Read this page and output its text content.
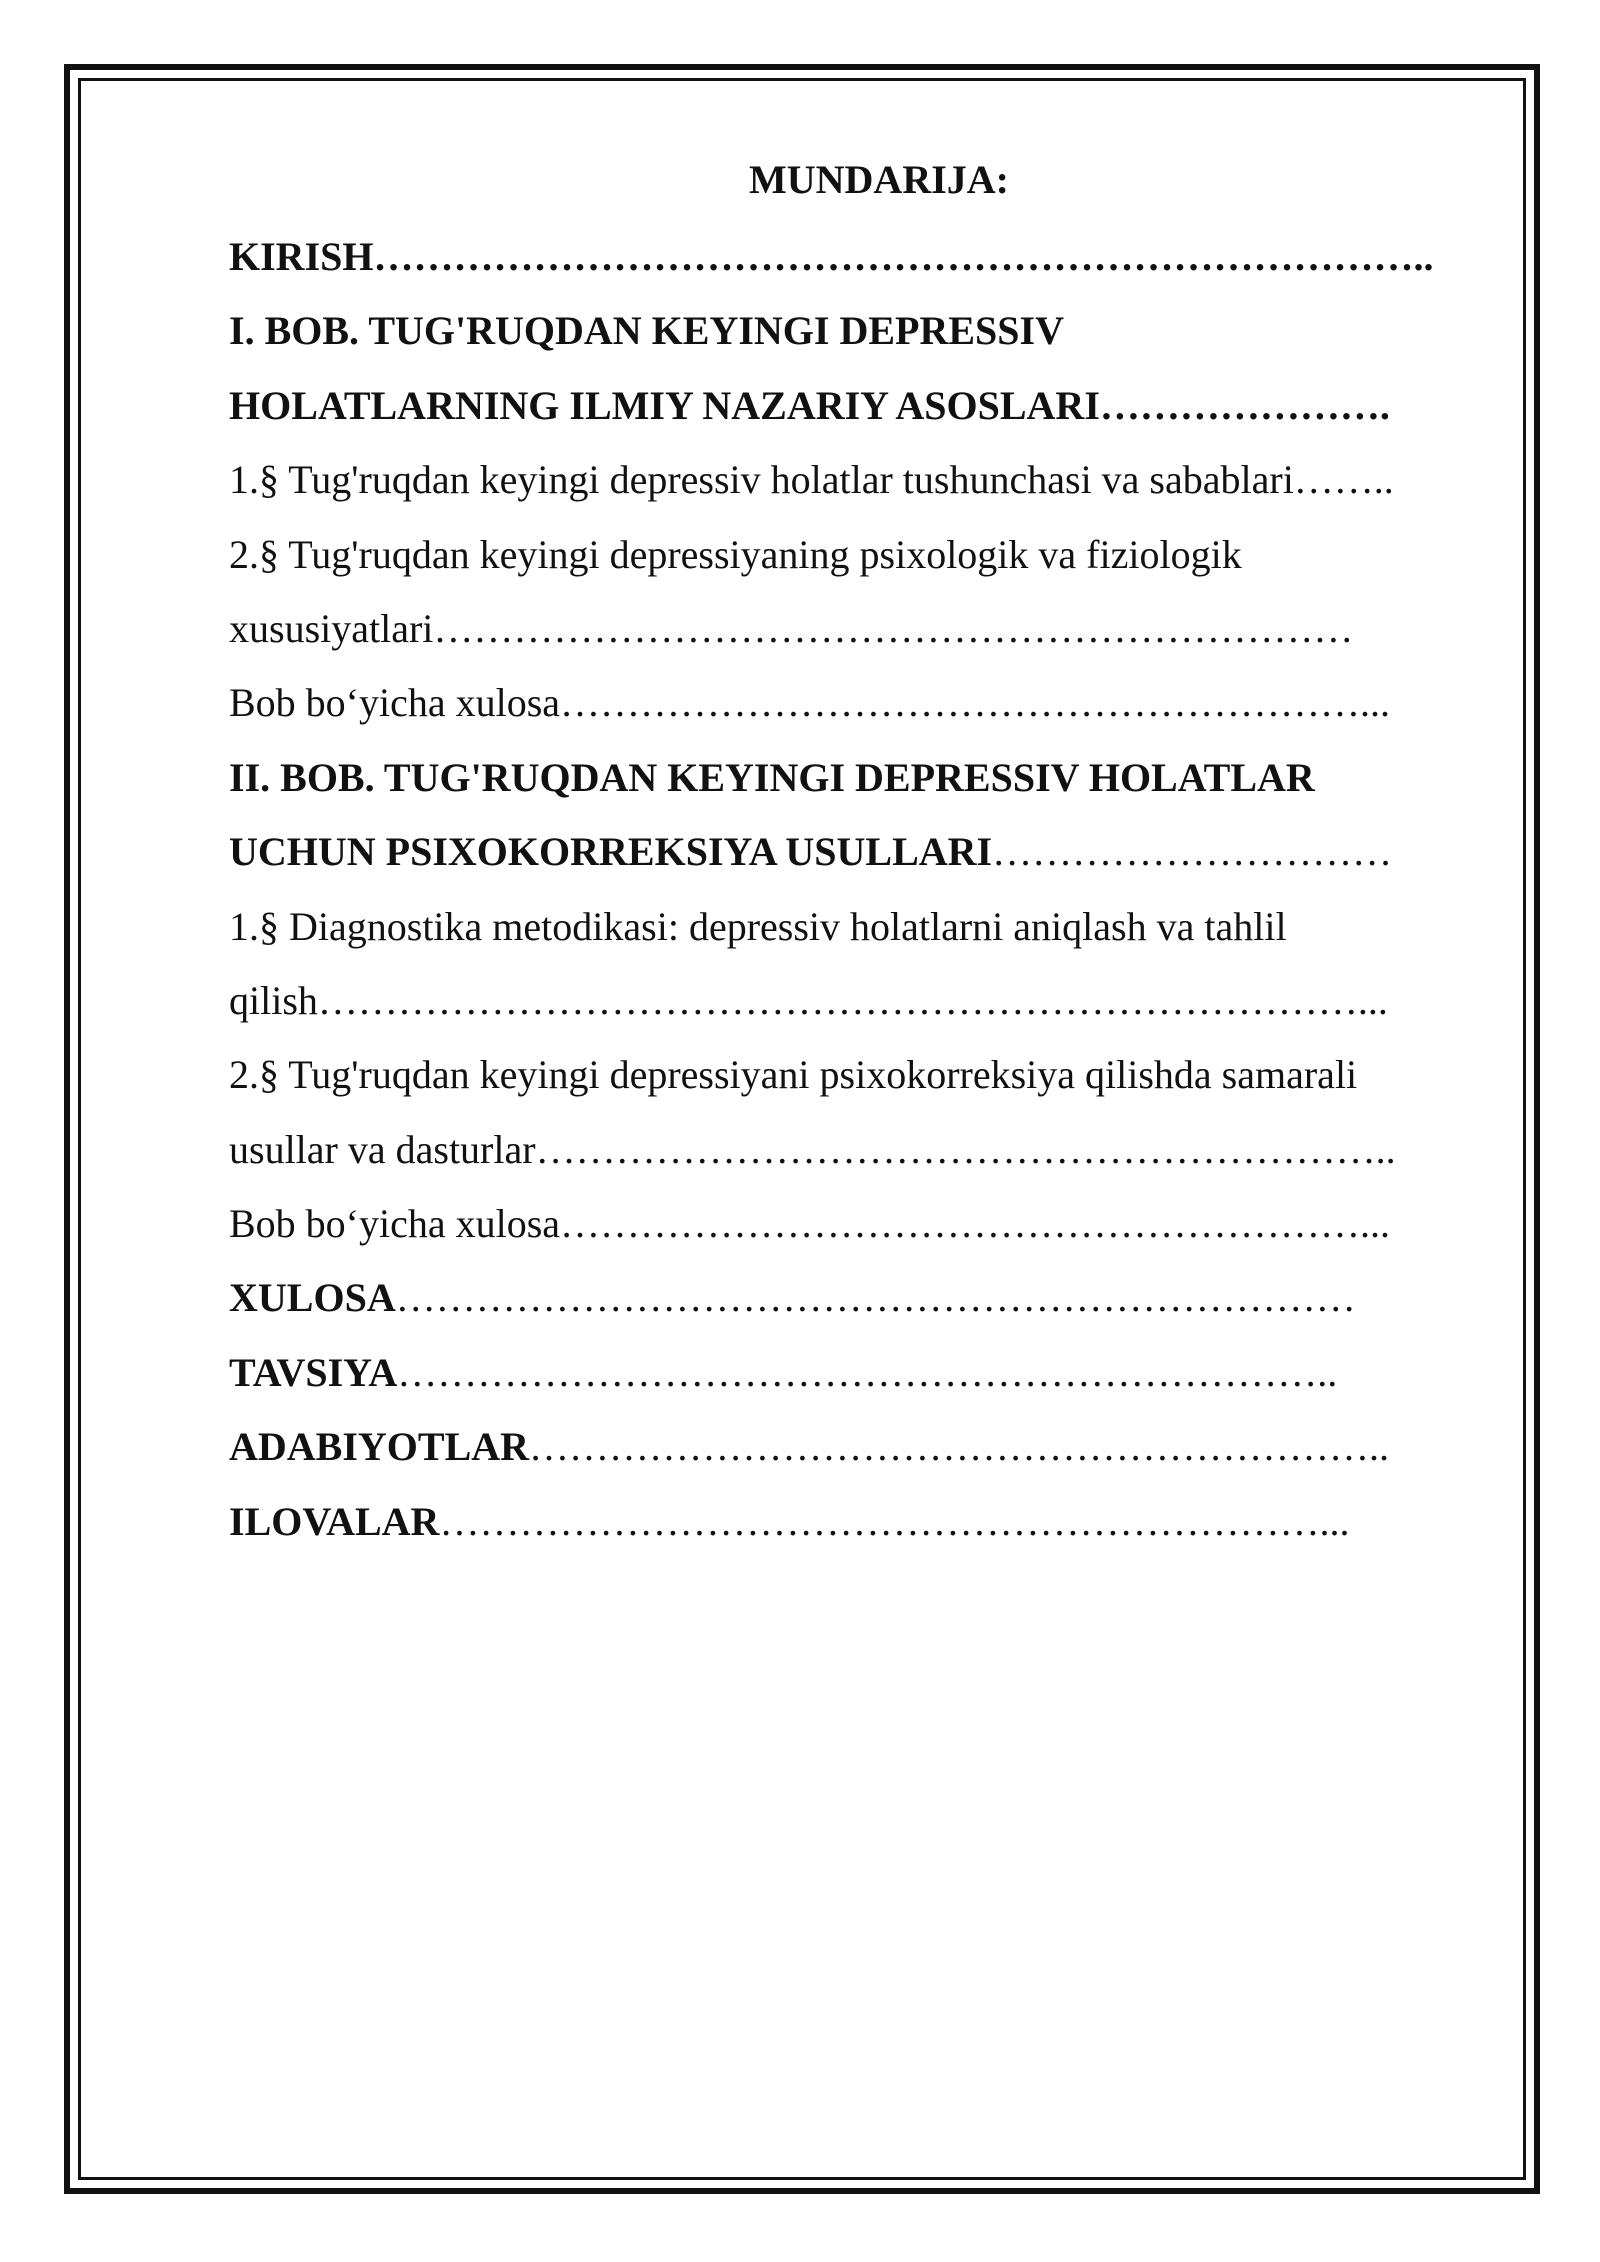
MUNDARIJA:
KIRISH……………………………………………………………………..
I. BOB. TUG'RUQDAN KEYINGI DEPRESSIV
HOLATLARNING ILMIY NAZARIY ASOSLARI………………….
1.§ Tug'ruqdan keyingi depressiv holatlar tushunchasi va sabablari……..
2.§ Tug'ruqdan keyingi depressiyaning psixologik va fiziologik
xususiyatlari……………………………………………………………
Bob bo‘yicha xulosa……………………………………………………...
II. BOB. TUG'RUQDAN KEYINGI DEPRESSIV HOLATLAR
UCHUN PSIXOKORREKSIYA USULLARI…………………………
1.§ Diagnostika metodikasi: depressiv holatlarni aniqlash va tahlil
qilish……………………………………………………………………...
2.§ Tug'ruqdan keyingi depressiyani psixokorreksiya qilishda samarali
usullar va dasturlar………………………………………………………..
Bob bo‘yicha xulosa……………………………………………………...
XULOSA………………………………………………………………
TAVSIYA……………………………………………………………..
ADABIYOTLAR………………………………………………………..
ILOVALAR…………………………………………………………...
